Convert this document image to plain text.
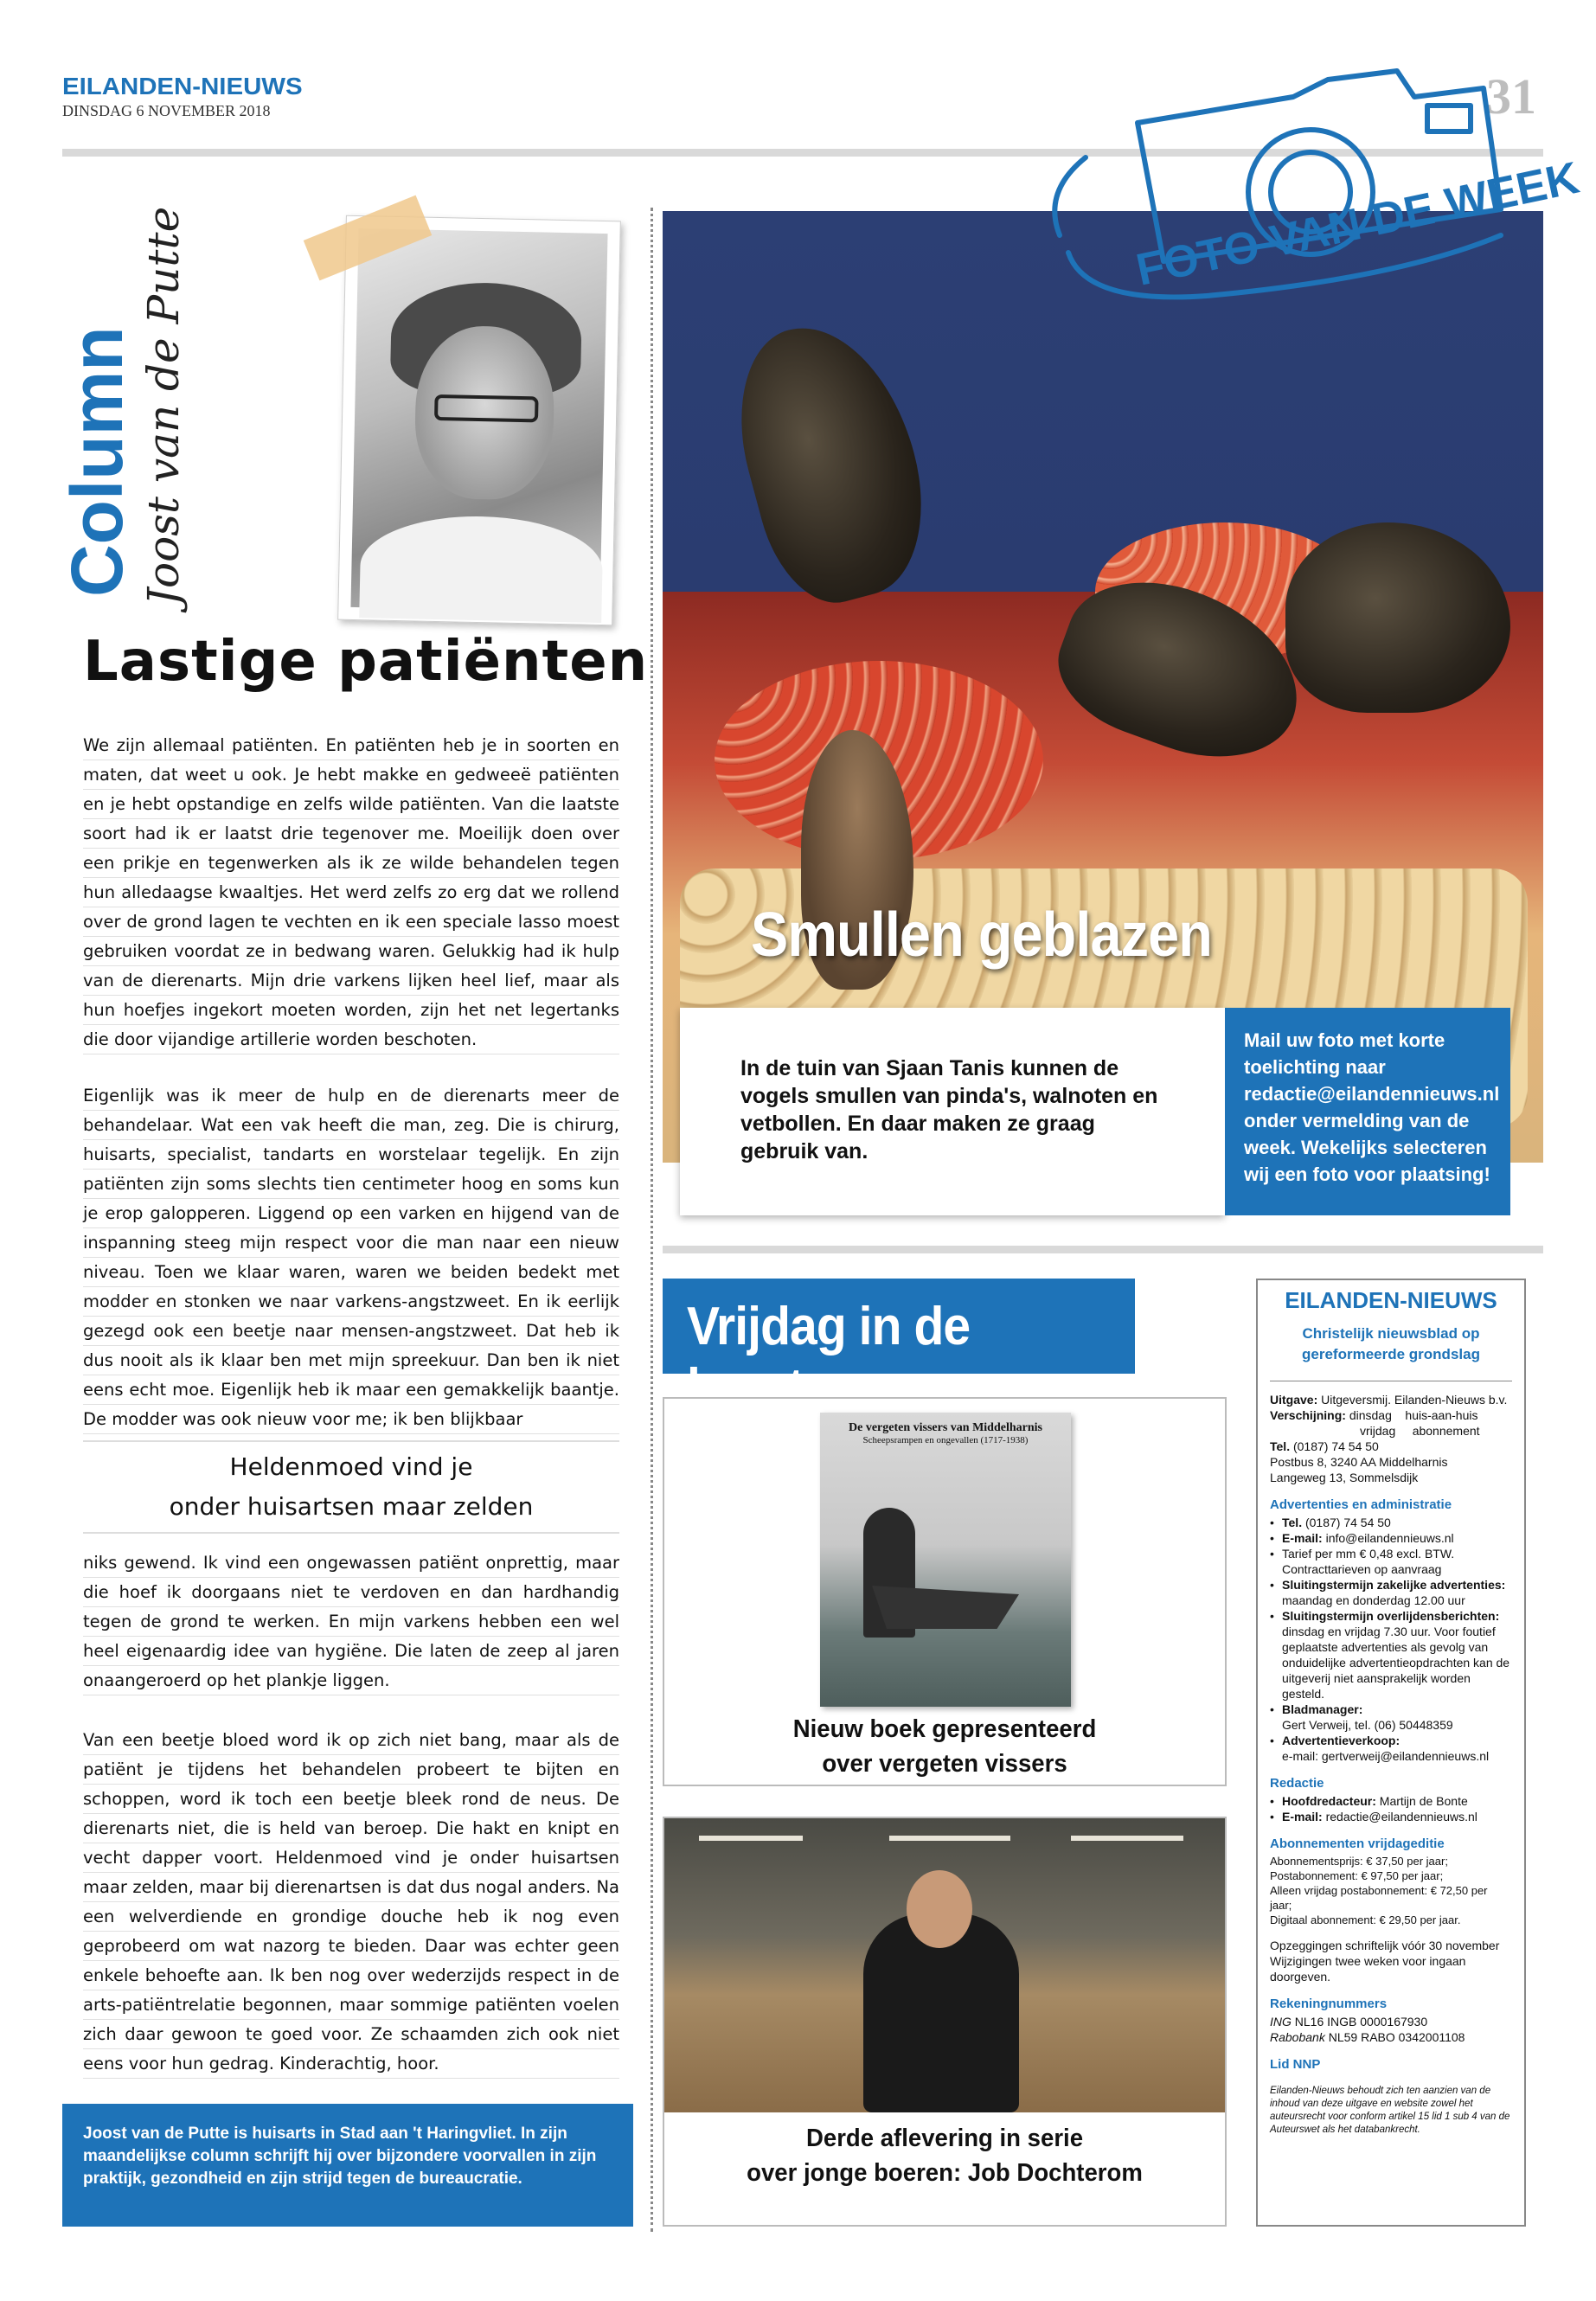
EILANDEN-NIEUWS
DINSDAG 6 NOVEMBER 2018	31
Column Joost van de Putte
Lastige patiënten

We zijn allemaal patiënten. En patiënten heb je in soorten en maten, dat weet u ook. Je hebt makke en gedweeë patiënten en je hebt opstandige en zelfs wilde patiënten. Van die laatste soort had ik er laatst drie tegenover me. Moeilijk doen over een prikje en tegenwerken als ik ze wilde behandelen tegen hun alledaagse kwaaltjes. Het werd zelfs zo erg dat we rollend over de grond lagen te vechten en ik een speciale lasso moest gebruiken voordat ze in bedwang waren. Gelukkig had ik hulp van de dierenarts. Mijn drie varkens lijken heel lief, maar als hun hoefjes ingekort moeten worden, zijn het net legertanks die door vijandige artillerie worden beschoten.

Eigenlijk was ik meer de hulp en de dierenarts meer de behandelaar. Wat een vak heeft die man, zeg. Die is chirurg, huisarts, specialist, tandarts en worstelaar tegelijk. En zijn patiënten zijn soms slechts tien centimeter hoog en soms kun je erop galopperen. Liggend op een varken en hijgend van de inspanning steeg mijn respect voor die man naar een nieuw niveau. Toen we klaar waren, waren we beiden bedekt met modder en stonken we naar varkens-angstzweet. En ik eerlijk gezegd ook een beetje naar mensen-angstzweet. Dat heb ik dus nooit als ik klaar ben met mijn spreekuur. Dan ben ik niet eens echt moe. Eigenlijk heb ik maar een gemakkelijk baantje. De modder was ook nieuw voor me; ik ben blijkbaar

Heldenmoed vind je
onder huisartsen maar zelden

niks gewend. Ik vind een ongewassen patiënt onprettig, maar die hoef ik doorgaans niet te verdoven en dan hardhandig tegen de grond te werken. En mijn varkens hebben een wel heel eigenaardig idee van hygiëne. Die laten de zeep al jaren onaangeroerd op het plankje liggen.

Van een beetje bloed word ik op zich niet bang, maar als de patiënt je tijdens het behandelen probeert te bijten en schoppen, word ik toch een beetje bleek rond de neus. De dierenarts niet, die is held van beroep. Die hakt en knipt en vecht dapper voort. Heldenmoed vind je onder huisartsen maar zelden, maar bij dierenartsen is dat dus nogal anders. Na een welverdiende en grondige douche heb ik nog even geprobeerd om wat nazorg te bieden. Daar was echter geen enkele behoefte aan. Ik ben nog over wederzijds respect in de arts-patiëntrelatie begonnen, maar sommige patiënten voelen zich daar gewoon te goed voor. Ze schaamden zich ook niet eens voor hun gedrag. Kinderachtig, hoor.

Joost van de Putte is huisarts in Stad aan 't Haringvliet. In zijn maandelijkse column schrijft hij over bijzondere voorvallen in zijn praktijk, gezondheid en zijn strijd tegen de bureaucratie.
Smullen geblazen
FOTO VAN DE WEEK
In de tuin van Sjaan Tanis kunnen de vogels smullen van pinda's, walnoten en vetbollen. En daar maken ze graag gebruik van.
Mail uw foto met korte toelichting naar redactie@eilandennieuws.nl onder vermelding van de week. Wekelijks selecteren wij een foto voor plaatsing!
Vrijdag in de krant
De vergeten vissers van Middelharnis
Scheepsrampen en ongevallen (1717-1938)
Nieuw boek gepresenteerd
over vergeten vissers
Derde aflevering in serie
over jonge boeren: Job Dochterom
EILANDEN-NIEUWS
Christelijk nieuwsblad op gereformeerde grondslag
Uitgave: Uitgeversmij. Eilanden-Nieuws b.v.
Verschijning: dinsdag    huis-aan-huis
vrijdag     abonnement
Tel. (0187) 74 54 50
Postbus 8, 3240 AA Middelharnis
Langeweg 13, Sommelsdijk
Advertenties en administratie
• Tel. (0187) 74 54 50
• E-mail: info@eilandennieuws.nl
• Tarief per mm € 0,48 excl. BTW. Contracttarieven op aanvraag
• Sluitingstermijn zakelijke advertenties:
maandag en donderdag 12.00 uur
• Sluitingstermijn overlijdensberichten:
dinsdag en vrijdag 7.30 uur. Voor foutief geplaatste advertenties als gevolg van onduidelijke advertentieopdrachten kan de uitgeverij niet aansprakelijk worden gesteld.
• Bladmanager:
Gert Verweij, tel. (06) 50448359
• Advertentieverkoop:
e-mail: gertverweij@eilandennieuws.nl
Redactie
• Hoofdredacteur: Martijn de Bonte
• E-mail: redactie@eilandennieuws.nl
Abonnementen vrijdageditie
Abonnementsprijs: € 37,50 per jaar;
Postabonnement: € 97,50 per jaar;
Alleen vrijdag postabonnement: € 72,50 per jaar;
Digitaal abonnement: € 29,50 per jaar.
Opzeggingen schriftelijk vóór 30 november Wijzigingen twee weken voor ingaan doorgeven.
Rekeningnummers
ING NL16 INGB 0000167930
Rabobank NL59 RABO 0342001108
Lid NNP
Eilanden-Nieuws behoudt zich ten aanzien van de inhoud van deze uitgave en website zowel het auteursrecht voor conform artikel 15 lid 1 sub 4 van de Auteurswet als het databankrecht.
